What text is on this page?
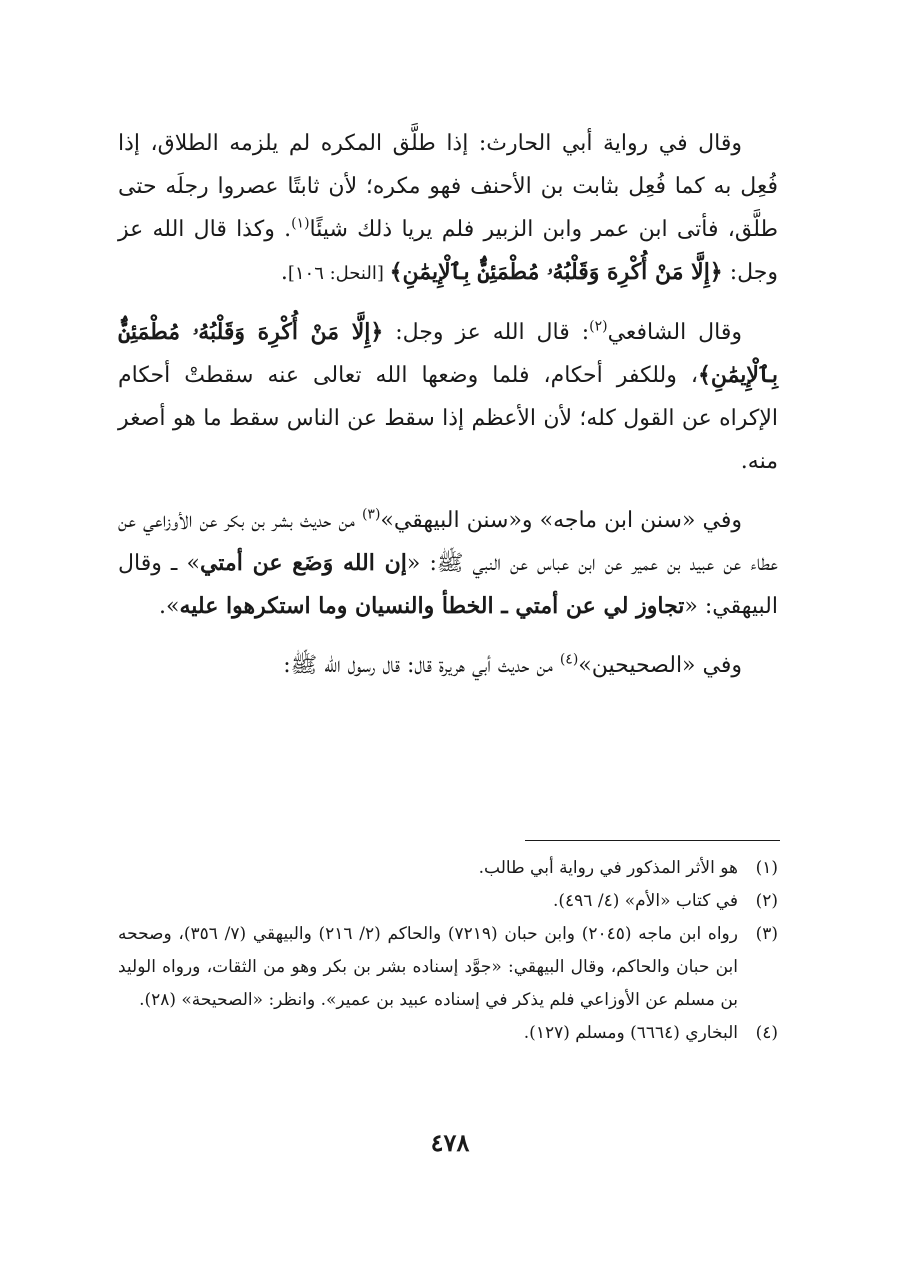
وقال في رواية أبي الحارث: إذا طلَّق المكره لم يلزمه الطلاق، إذا فُعِل به كما فُعِل بثابت بن الأحنف فهو مكره؛ لأن ثابتًا عصروا رجلَه حتى طلَّق، فأتى ابن عمر وابن الزبير فلم يريا ذلك شيئًا$^{(١)}$. وكذا قال الله عز وجل: ﴿إِلَّا مَنْ أُكْرِهَ وَقَلْبُهُۥ مُطْمَئِنٌّۢ بِٱلْإِيمَٰنِ﴾ [النحل: ١٠٦].

وقال الشافعي$^{(٢)}$: قال الله عز وجل: ﴿إِلَّا مَنْ أُكْرِهَ وَقَلْبُهُۥ مُطْمَئِنٌّۢ بِٱلْإِيمَٰنِ﴾، وللكفر أحكام، فلما وضعها الله تعالى عنه سقطتْ أحكام الإكراه عن القول كله؛ لأن الأعظم إذا سقط عن الناس سقط ما هو أصغر منه.

وفي «سنن ابن ماجه» و«سنن البيهقي»$^{(٣)}$ من حديث بشر بن بكر عن الأوزاعي عن عطاء عن عبيد بن عمير عن ابن عباس عن النبي ﷺ: «إن الله وَضَع عن أمتي» ـ وقال البيهقي: «تجاوز لي عن أمتي ـ الخطأ والنسيان وما استكرهوا عليه».

وفي «الصحيحين»$^{(٤)}$ من حديث أبي هريرة قال: قال رسول الله ﷺ:

(١)
هو الأثر المذكور في رواية أبي طالب.
(٢)
في كتاب «الأم» (٤/ ٤٩٦).
(٣)
رواه ابن ماجه (٢٠٤٥) وابن حبان (٧٢١٩) والحاكم (٢/ ٢١٦) والبيهقي (٧/ ٣٥٦)، وصححه ابن حبان والحاكم، وقال البيهقي: «جوَّد إسناده بشر بن بكر وهو من الثقات، ورواه الوليد بن مسلم عن الأوزاعي فلم يذكر في إسناده عبيد بن عمير». وانظر: «الصحيحة» (٢٨).
(٤)
البخاري (٦٦٦٤) ومسلم (١٢٧).
٤٧٨
